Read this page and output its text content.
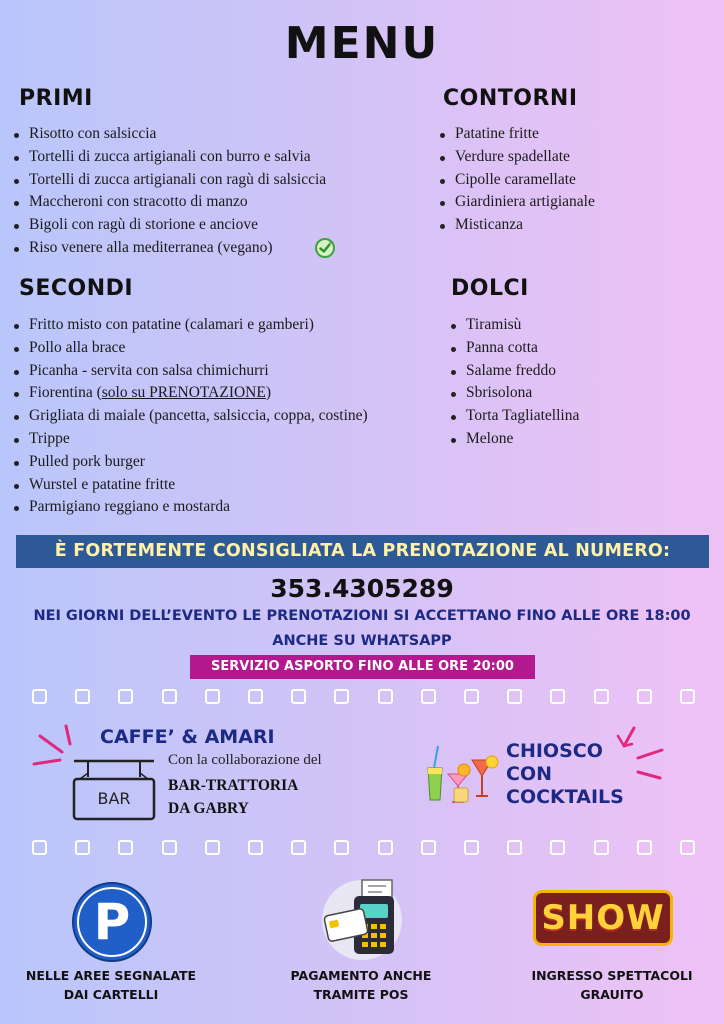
MENU
PRIMI
Risotto con salsiccia
Tortelli di zucca artigianali con burro e salvia
Tortelli di zucca artigianali con ragù di salsiccia
Maccheroni con stracotto di manzo
Bigoli con ragù di storione e anciove
Riso venere alla mediterranea (vegano)
CONTORNI
Patatine fritte
Verdure spadellate
Cipolle caramellate
Giardiniera artigianale
Misticanza
SECONDI
Fritto misto con patatine (calamari e gamberi)
Pollo alla brace
Picanha - servita con salsa chimichurri
Fiorentina (solo su PRENOTAZIONE)
Grigliata di maiale (pancetta, salsiccia, coppa, costine)
Trippe
Pulled pork burger
Wurstel e patatine fritte
Parmigiano reggiano e mostarda
DOLCI
Tiramisù
Panna cotta
Salame freddo
Sbrisolona
Torta Tagliatellina
Melone
È FORTEMENTE CONSIGLIATA LA PRENOTAZIONE AL NUMERO:
353.4305289
NEI GIORNI DELL’EVENTO LE PRENOTAZIONI SI ACCETTANO FINO ALLE ORE 18:00
ANCHE SU WHATSAPP
SERVIZIO ASPORTO FINO ALLE ORE 20:00
CAFFE’ & AMARI
Con la collaborazione del
BAR-TRATTORIA
DA GABRY
BAR
CHIOSCO
CON
COCKTAILS
P
NELLE AREE SEGNALATE
DAI CARTELLI
PAGAMENTO ANCHE
TRAMITE POS
SHOW
INGRESSO SPETTACOLI
GRAUITO
